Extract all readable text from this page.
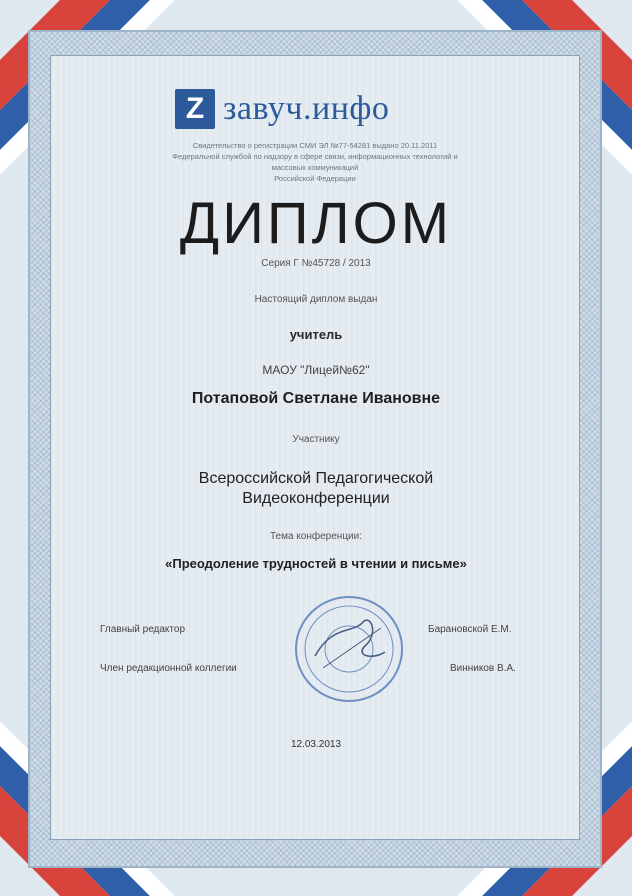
Z завуч.инфо
Свидетельство о регистрации СМИ ЭЛ №77-54281 выдано 20.11.2011
Федеральной службой по надзору в сфере связи, информационных технологий и массовых коммуникаций
Российской Федерации
ДИПЛОМ
Серия Г №45728 / 2013
Настоящий диплом выдан
учитель
МАОУ "Лицей№62"
Потаповой Светлане Ивановне
Участнику
Всероссийской Педагогической
Видеоконференции
Тема конференции:
«Преодоление трудностей в чтении и письме»
Главный редактор	Барановской Е.М.
Член редакционной коллегии	Винников В.А.
12.03.2013
